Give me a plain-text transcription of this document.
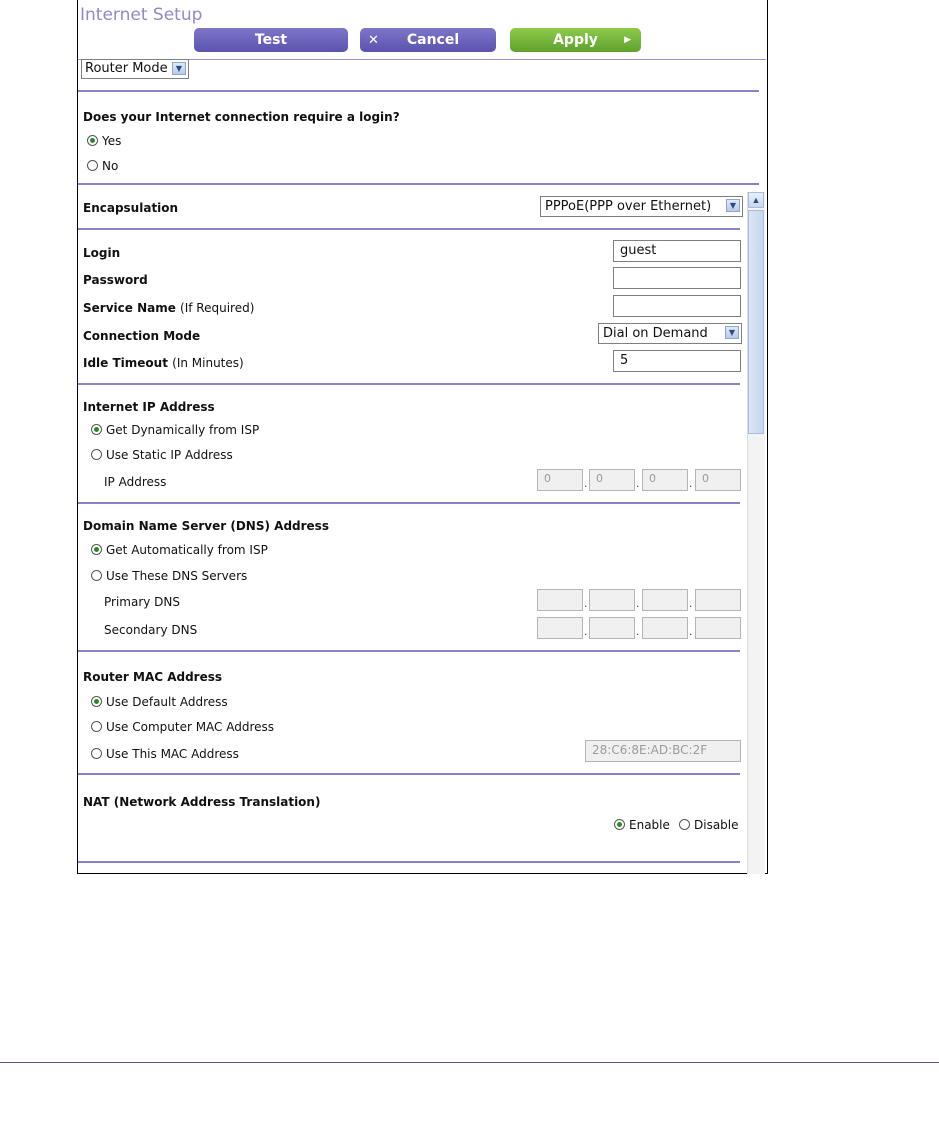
Internet Setup
Test	✕ Cancel	Apply	▶
Router Mode	▼
Does your Internet connection require a login?
Yes
No
Encapsulation	PPPoE(PPP over Ethernet)	▼
▲
Login	guest
Password
Service Name (If Required)
Connection Mode	Dial on Demand	▼
Idle Timeout (In Minutes)	5
Internet IP Address
Get Dynamically from ISP
Use Static IP Address
IP Address	0	. 0	. 0	. 0
Domain Name Server (DNS) Address
Get Automatically from ISP
Use These DNS Servers
Primary DNS	.	.	.
Secondary DNS	.	.	.
Router MAC Address
Use Default Address
Use Computer MAC Address
Use This MAC Address	28:C6:8E:AD:BC:2F
NAT (Network Address Translation)
Enable Disable
